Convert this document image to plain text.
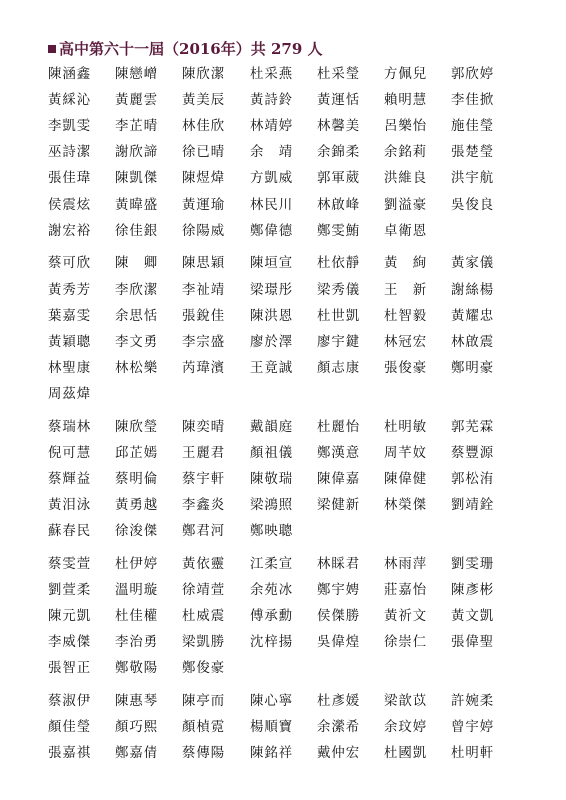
高中第六十一屆（2016年）共 279 人
陳涵鑫	陳戀嶒	陳欣潔	杜采燕	杜采瑩	方佩兒	郭欣婷
黃綵沁	黃麗雲	黃美辰	黃詩鈴	黃運恬	賴明慧	李佳掀
李凱雯	李芷晴	林佳欣	林靖婷	林馨美	呂樂怡	施佳瑩
巫詩潔	謝欣諦	徐已晴	余　靖	余錦柔	余銘莉	張楚瑩
張佳瑋	陳凱傑	陳煜煒	方凱威	郭軍葳	洪維良	洪宇航
侯震炫	黃暐盛	黃運瑜	林民川	林啟峰	劉溢豪	吳俊良
謝宏裕	徐佳銀	徐陽威	鄭偉德	鄭雯鮪	卓衛恩
蔡可欣	陳　卿	陳思穎	陳垣宣	杜依靜	黃　絢	黃家儀
黃秀芳	李欣潔	李祉靖	梁璟彤	梁秀儀	王　新	謝絲楊
葉嘉雯	余思恬	張銳佳	陳洪恩	杜世凱	杜智毅	黃耀忠
黃穎聰	李文勇	李宗盛	廖於澤	廖宇鍵	林冠宏	林啟震
林聖康	林松樂	芮瑋濱	王竟誠	顏志康	張俊豪	鄭明豪
周茲煒
蔡瑞林	陳欣瑩	陳奕晴	戴韻庭	杜麗怡	杜明敏	郭芜霖
倪可慧	邱芷嫣	王麗君	顏祖儀	鄭漢意	周芊妏	蔡豐源
蔡輝益	蔡明倫	蔡宇軒	陳敬瑞	陳偉嘉	陳偉健	郭松洧
黃泪泳	黃勇越	李鑫炎	梁鴻照	梁健新	林榮傑	劉靖銓
蘇春民	徐浚傑	鄭君河	鄭映聰
蔡雯萱	杜伊婷	黃依靈	江柔宣	林睬君	林雨萍	劉雯珊
劉萱柔	溫明璇	徐靖萱	余苑冰	鄭宇娉	莊嘉怡	陳彥彬
陳元凱	杜佳權	杜威震	傅承勳	侯傑勝	黃祈文	黃文凱
李威傑	李治勇	梁凱勝	沈梓揚	吳偉煌	徐崇仁	張偉聖
張智正	鄭敬陽	鄭俊豪
蔡淑伊	陳惠琴	陳亭而	陳心寧	杜彥媛	梁歆苡	許婉柔
顏佳瑩	顏巧熙	顏楨霓	楊順寶	余瀠希	余玟婷	曾宇婷
張嘉祺	鄭嘉倩	蔡傳陽	陳銘祥	戴仲宏	杜國凱	杜明軒
